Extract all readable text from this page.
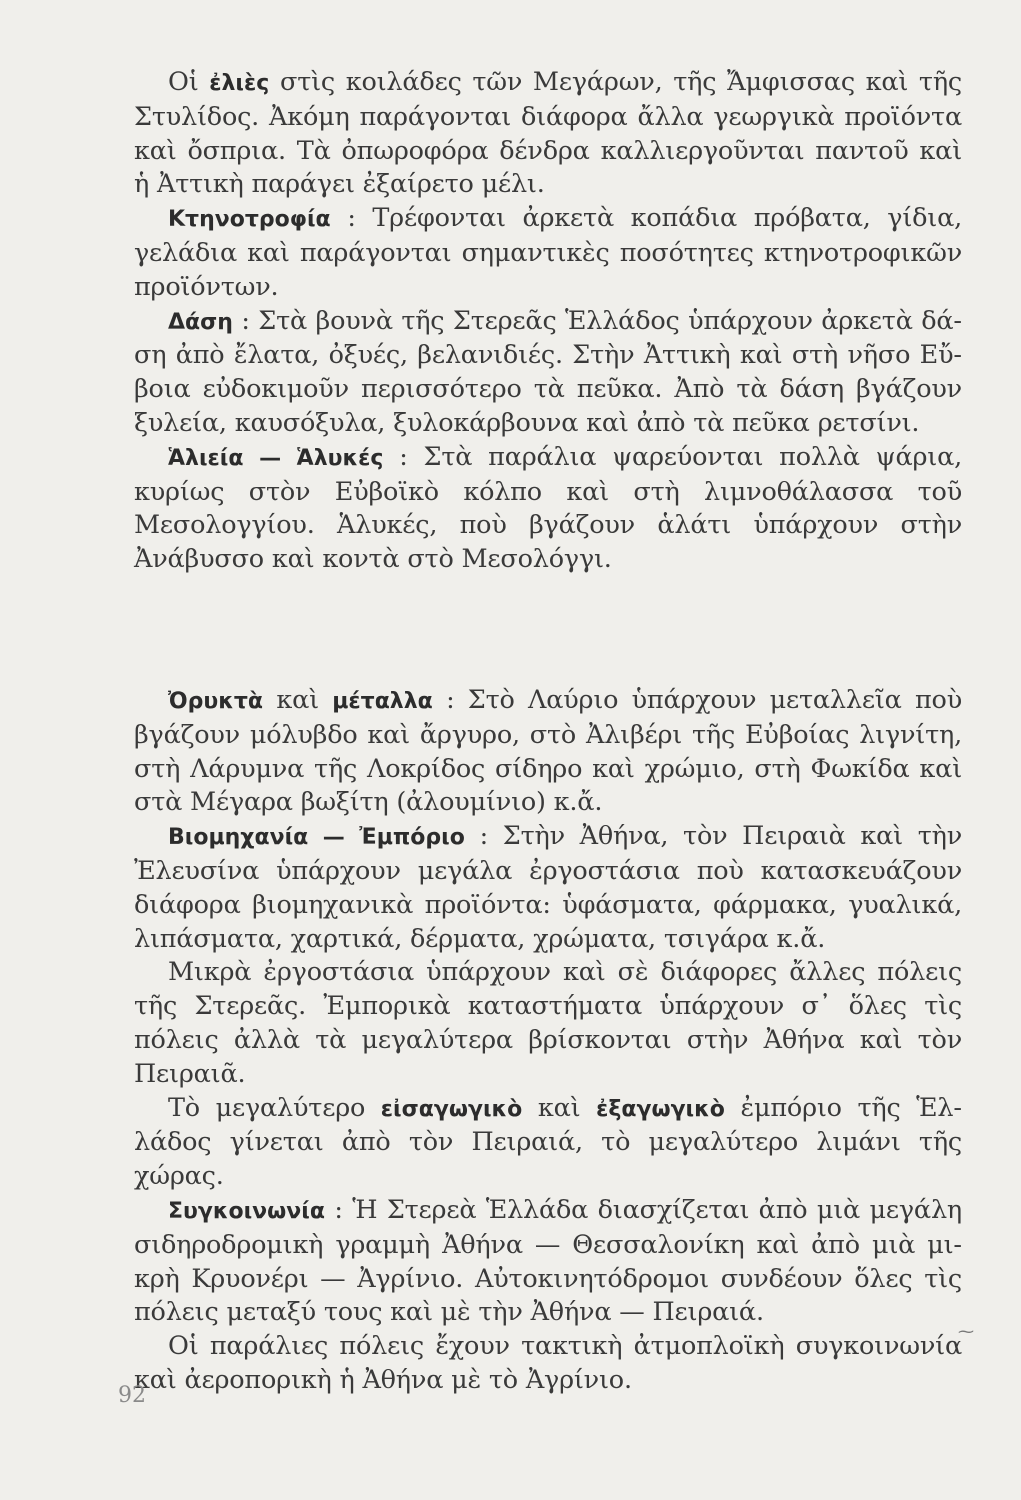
Οἱ ἐλιὲς στὶς κοιλάδες τῶν Μεγάρων, τῆς Ἄμφισσας καὶ τῆς Στυλίδος. Ἀκόμη παράγονται διάφορα ἄλλα γεωργικὰ προϊόντα καὶ ὄσπρια. Τὰ ὀπωροφόρα δένδρα καλλιεργοῦνται παντοῦ καὶ ἡ Ἀττικὴ παράγει ἐξαίρετο μέλι.

Κτηνοτροφία : Τρέφονται ἀρκετὰ κοπάδια πρόβατα, γίδια, γελάδια καὶ παράγονται σημαντικὲς ποσότητες κτηνοτροφικῶν προϊόντων.

Δάση : Στὰ βουνὰ τῆς Στερεᾶς Ἑλλάδος ὑπάρχουν ἀρκετὰ δάση ἀπὸ ἔλατα, ὀξυές, βελανιδιές. Στὴν Ἀττικὴ καὶ στὴ νῆσο Εὔβοια εὐδοκιμοῦν περισσότερο τὰ πεῦκα. Ἀπὸ τὰ δάση βγάζουν ξυλεία, καυσόξυλα, ξυλοκάρβουνα καὶ ἀπὸ τὰ πεῦκα ρετσίνι.

Ἁλιεία — Ἁλυκές : Στὰ παράλια ψαρεύονται πολλὰ ψάρια, κυρίως στὸν Εὐβοϊκὸ κόλπο καὶ στὴ λιμνοθάλασσα τοῦ Μεσολογγίου. Ἁλυκές, ποὺ βγάζουν ἁλάτι ὑπάρχουν στὴν Ἀνάβυσσο καὶ κοντὰ στὸ Μεσολόγγι.

Ὀρυκτὰ καὶ μέταλλα : Στὸ Λαύριο ὑπάρχουν μεταλλεῖα ποὺ βγάζουν μόλυβδο καὶ ἄργυρο, στὸ Ἀλιβέρι τῆς Εὐβοίας λιγνίτη, στὴ Λάρυμνα τῆς Λοκρίδος σίδηρο καὶ χρώμιο, στὴ Φωκίδα καὶ στὰ Μέγαρα βωξίτη (ἀλουμίνιο) κ.ἄ.

Βιομηχανία — Ἐμπόριο : Στὴν Ἀθήνα, τὸν Πειραιὰ καὶ τὴν Ἐλευσίνα ὑπάρχουν μεγάλα ἐργοστάσια ποὺ κατασκευάζουν διάφορα βιομηχανικὰ προϊόντα: ὑφάσματα, φάρμακα, γυαλικά, λιπάσματα, χαρτικά, δέρματα, χρώματα, τσιγάρα κ.ἄ.

Μικρὰ ἐργοστάσια ὑπάρχουν καὶ σὲ διάφορες ἄλλες πόλεις τῆς Στερεᾶς. Ἐμπορικὰ καταστήματα ὑπάρχουν σ᾽ ὅλες τὶς πόλεις ἀλλὰ τὰ μεγαλύτερα βρίσκονται στὴν Ἀθήνα καὶ τὸν Πειραιᾶ.

Τὸ μεγαλύτερο εἰσαγωγικὸ καὶ ἐξαγωγικὸ ἐμπόριο τῆς Ἑλλάδος γίνεται ἀπὸ τὸν Πειραιά, τὸ μεγαλύτερο λιμάνι τῆς χώρας.

Συγκοινωνία : Ἡ Στερεὰ Ἑλλάδα διασχίζεται ἀπὸ μιὰ μεγάλη σιδηροδρομικὴ γραμμὴ Ἀθήνα — Θεσσαλονίκη καὶ ἀπὸ μιὰ μικρὴ Κρυονέρι — Ἀγρίνιο. Αὐτοκινητόδρομοι συνδέουν ὅλες τὶς πόλεις μεταξύ τους καὶ μὲ τὴν Ἀθήνα — Πειραιά.

Οἱ παράλιες πόλεις ἔχουν τακτικὴ ἀτμοπλοϊκὴ συγκοινωνία καὶ ἀεροπορικὴ ἡ Ἀθήνα μὲ τὸ Ἀγρίνιο.

⁓
92
